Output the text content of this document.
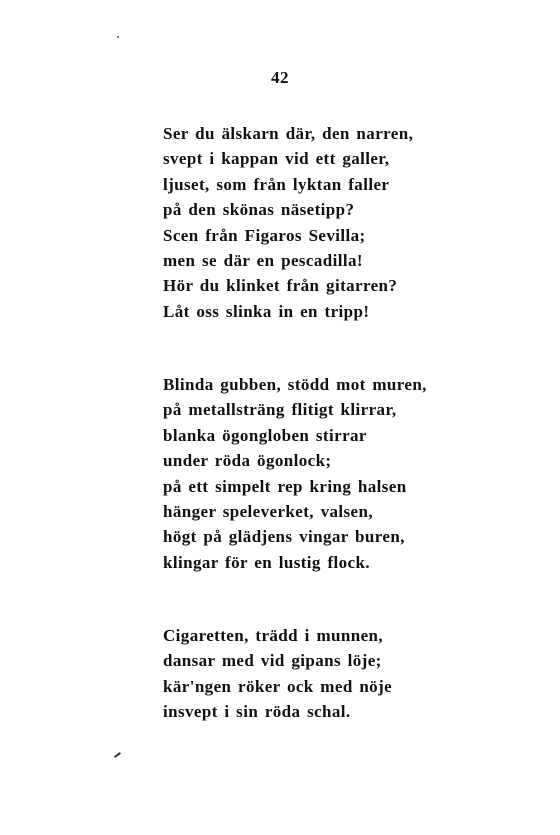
42
Ser du älskarn där, den narren,
svept i kappan vid ett galler,
ljuset, som från lyktan faller
på den skönas näsetipp?
Scen från Figaros Sevilla;
men se där en pescadilla!
Hör du klinket från gitarren?
Låt oss slinka in en tripp!
Blinda gubben, stödd mot muren,
på metallsträng flitigt klirrar,
blanka ögongloben stirrar
under röda ögonlock;
på ett simpelt rep kring halsen
hänger speleverket, valsen,
högt på glädjens vingar buren,
klingar för en lustig flock.
Cigaretten, trädd i munnen,
dansar med vid gipans löje;
kär'ngen röker ock med nöje
insvept i sin röda schal.
